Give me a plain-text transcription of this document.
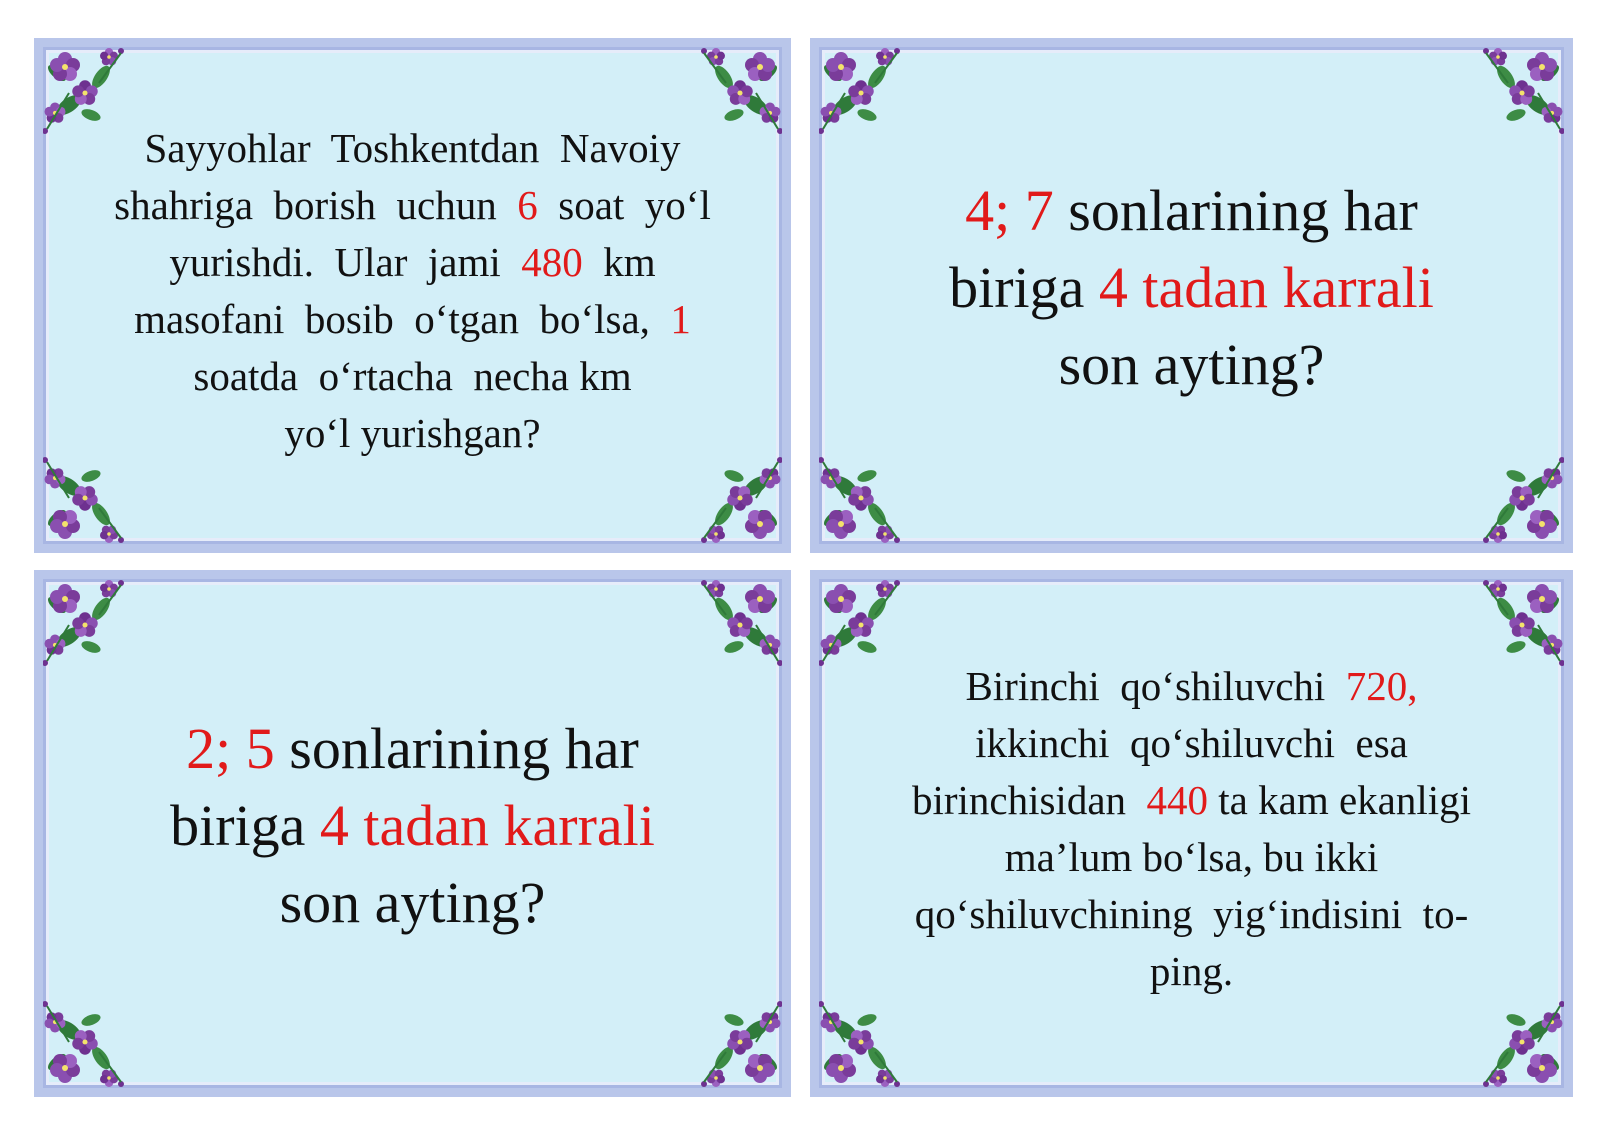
Sayyohlar  Toshkentdan  Navoiy
shahriga  borish  uchun  6  soat  yo‘l
yurishdi.  Ular  jami  480  km
masofani  bosib  o‘tgan  bo‘lsa,  1
soatda  o‘rtacha  necha km
yo‘l yurishgan?
4; 7 sonlarining har
biriga 4 tadan karrali
son ayting?
2; 5 sonlarining har
biriga 4 tadan karrali
son ayting?
Birinchi  qo‘shiluvchi  720,
ikkinchi  qo‘shiluvchi  esa
birinchisidan  440 ta kam ekanligi
ma’lum bo‘lsa, bu ikki
qo‘shiluvchining  yig‘indisini  to-
ping.
